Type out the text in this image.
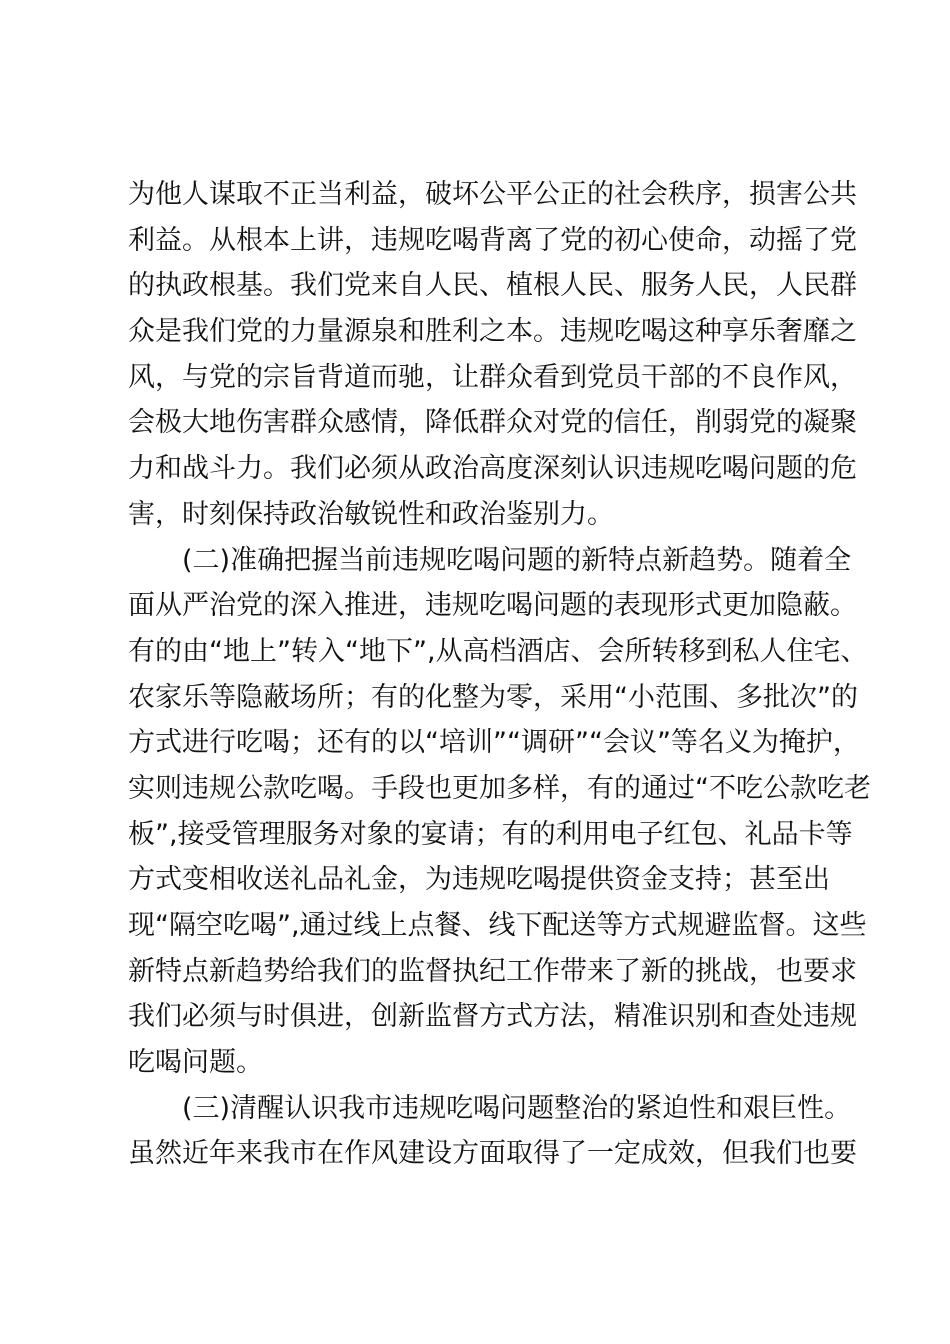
为他人谋取不正当利益，破坏公平公正的社会秩序，损害公共
利益。从根本上讲，违规吃喝背离了党的初心使命，动摇了党
的执政根基。我们党来自人民、植根人民、服务人民，人民群
众是我们党的力量源泉和胜利之本。违规吃喝这种享乐奢靡之
风，与党的宗旨背道而驰，让群众看到党员干部的不良作风，
会极大地伤害群众感情，降低群众对党的信任，削弱党的凝聚
力和战斗力。我们必须从政治高度深刻认识违规吃喝问题的危
害，时刻保持政治敏锐性和政治鉴别力。
(二)准确把握当前违规吃喝问题的新特点新趋势。随着全
面从严治党的深入推进，违规吃喝问题的表现形式更加隐蔽。
有的由“地上”转入“地下”,从高档酒店、会所转移到私人住宅、
农家乐等隐蔽场所；有的化整为零，采用“小范围、多批次”的
方式进行吃喝；还有的以“培训”“调研”“会议”等名义为掩护，
实则违规公款吃喝。手段也更加多样，有的通过“不吃公款吃老
板”,接受管理服务对象的宴请；有的利用电子红包、礼品卡等
方式变相收送礼品礼金，为违规吃喝提供资金支持；甚至出
现“隔空吃喝”,通过线上点餐、线下配送等方式规避监督。这些
新特点新趋势给我们的监督执纪工作带来了新的挑战，也要求
我们必须与时俱进，创新监督方式方法，精准识别和查处违规
吃喝问题。
(三)清醒认识我市违规吃喝问题整治的紧迫性和艰巨性。
虽然近年来我市在作风建设方面取得了一定成效，但我们也要
